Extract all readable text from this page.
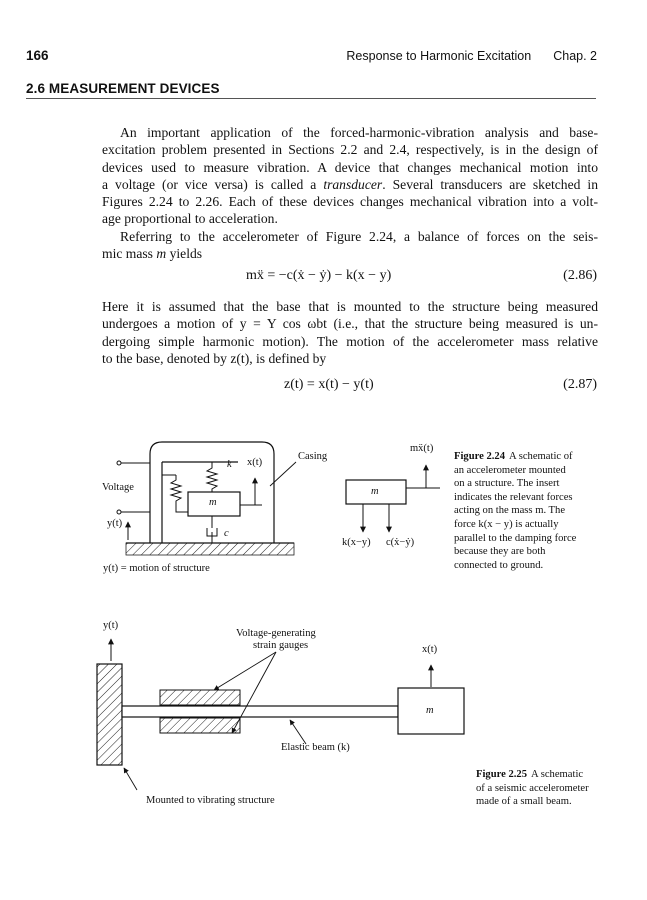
166	Response to Harmonic Excitation Chap. 2
2.6 MEASUREMENT DEVICES

An important application of the forced-harmonic-vibration analysis and base-
excitation problem presented in Sections 2.2 and 2.4, respectively, is in the design of
devices used to measure vibration. A device that changes mechanical motion into
a voltage (or vice versa) is called a transducer. Several transducers are sketched in
Figures 2.24 to 2.26. Each of these devices changes mechanical vibration into a volt-
age proportional to acceleration.

Referring to the accelerometer of Figure 2.24, a balance of forces on the seis-
mic mass m yields

mẍ = −c(ẋ − ẏ) − k(x − y)	(2.86)

Here it is assumed that the base that is mounted to the structure being measured
undergoes a motion of y = Y cos ωbt (i.e., that the structure being measured is un-
dergoing simple harmonic motion). The motion of the accelerometer mass relative
to the base, denoted by z(t), is defined by

z(t) = x(t) − y(t)	(2.87)
Casing
Voltage
k x(t)
m
c
y(t)
y(t) = motion of structure
mẍ(t)
m
k(x−y) c(ẋ−ẏ)
Figure 2.24 A schematic of
an accelerometer mounted
on a structure. The insert
indicates the relevant forces
acting on the mass m. The
force k(x − y) is actually
parallel to the damping force
because they are both
connected to ground.
y(t)
Voltage-generating
strain gauges	x(t)
m
Elastic beam (k)
Mounted to vibrating structure
Figure 2.25 A schematic
of a seismic accelerometer
made of a small beam.
